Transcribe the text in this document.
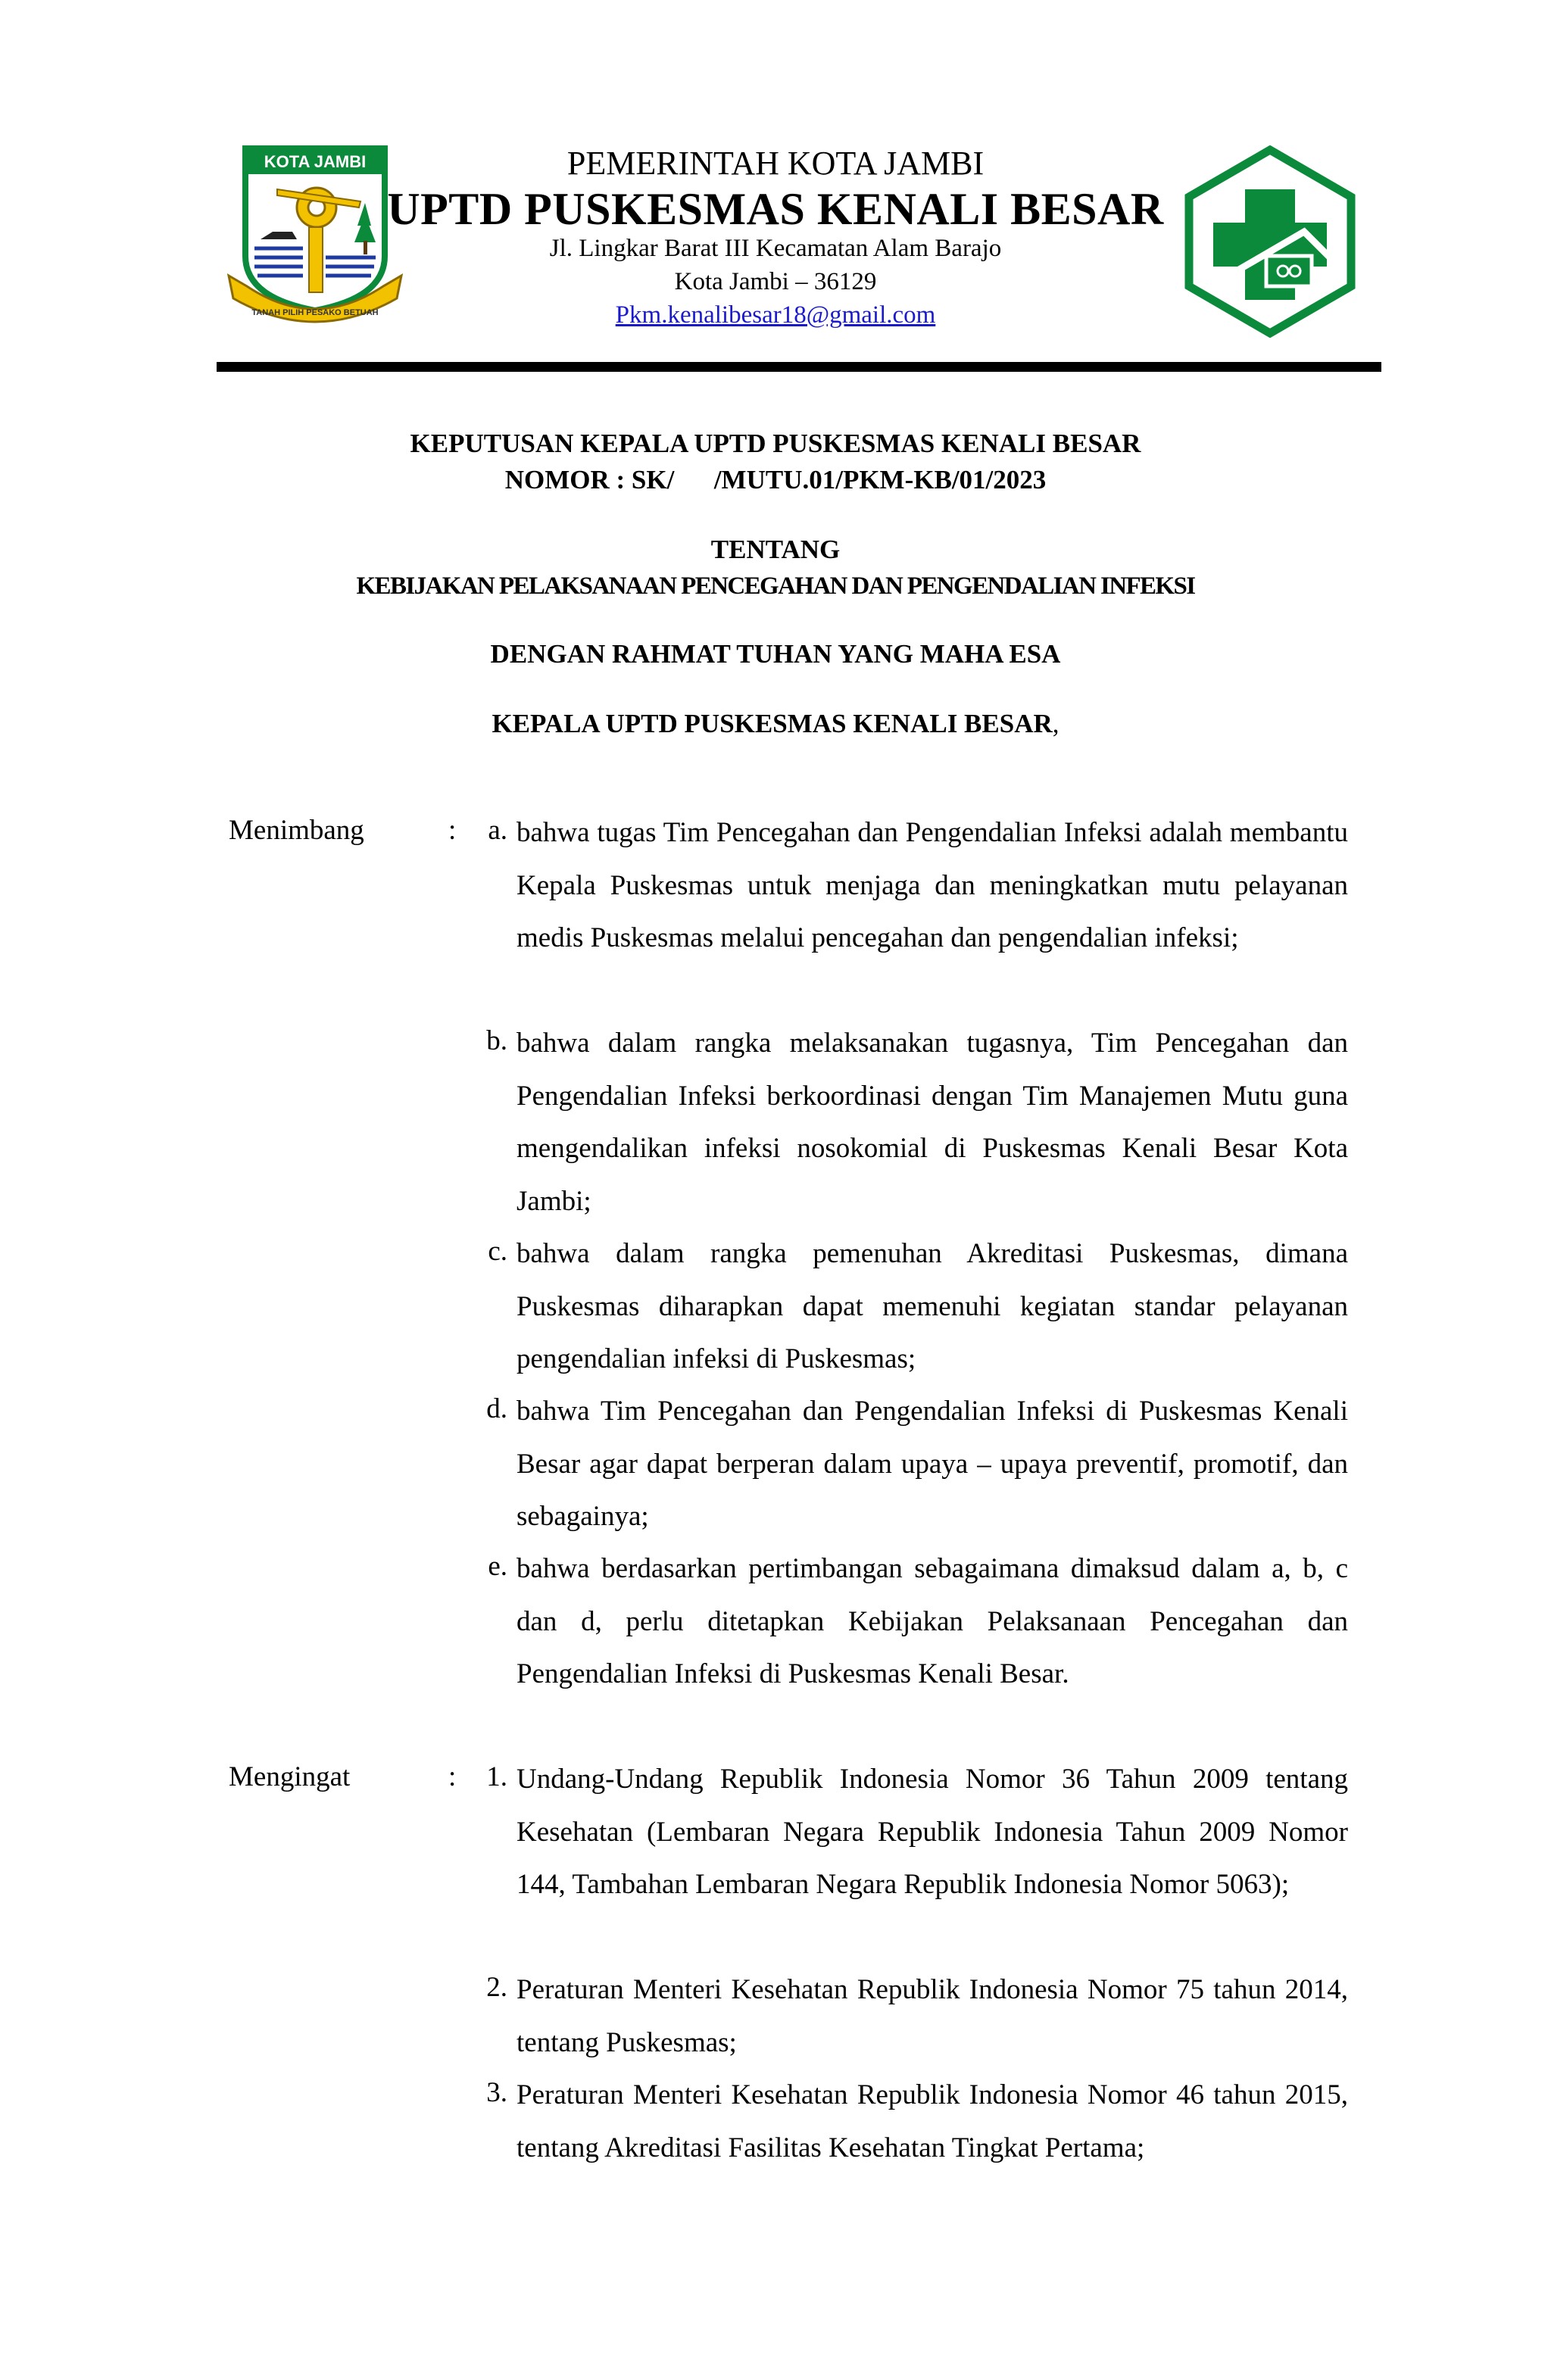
KOTA JAMBI
TANAH PILIH PESAKO BETUAH
PEMERINTAH KOTA JAMBI
UPTD PUSKESMAS KENALI BESAR
Jl. Lingkar Barat III Kecamatan Alam Barajo
Kota Jambi – 36129
Pkm.kenalibesar18@gmail.com
KEPUTUSAN KEPALA UPTD PUSKESMAS KENALI BESAR
NOMOR : SK/      /MUTU.01/PKM-KB/01/2023
TENTANG
KEBIJAKAN PELAKSANAAN PENCEGAHAN DAN PENGENDALIAN INFEKSI
DENGAN RAHMAT TUHAN YANG MAHA ESA
KEPALA UPTD PUSKESMAS KENALI BESAR,
Menimbang	:	a. bahwa tugas Tim Pencegahan dan Pengendalian Infeksi adalah membantu Kepala Puskesmas untuk menjaga dan meningkatkan mutu pelayanan medis Puskesmas melalui pencegahan dan pengendalian infeksi;
b. bahwa dalam rangka melaksanakan tugasnya, Tim Pencegahan dan Pengendalian Infeksi berkoordinasi dengan Tim Manajemen Mutu guna mengendalikan infeksi nosokomial di Puskesmas Kenali Besar Kota Jambi;
c. bahwa dalam rangka pemenuhan Akreditasi Puskesmas, dimana Puskesmas diharapkan dapat memenuhi kegiatan standar pelayanan pengendalian infeksi di Puskesmas;
d. bahwa Tim Pencegahan dan Pengendalian Infeksi di Puskesmas Kenali Besar agar dapat berperan dalam upaya – upaya preventif, promotif, dan sebagainya;
e. bahwa berdasarkan pertimbangan sebagaimana dimaksud dalam a, b, c dan d, perlu ditetapkan Kebijakan Pelaksanaan Pencegahan dan Pengendalian Infeksi di Puskesmas Kenali Besar.
Mengingat	:	1. Undang-Undang Republik Indonesia Nomor 36 Tahun 2009 tentang Kesehatan (Lembaran Negara Republik Indonesia Tahun 2009 Nomor 144, Tambahan Lembaran Negara Republik Indonesia Nomor 5063);
2. Peraturan Menteri Kesehatan Republik Indonesia Nomor 75 tahun 2014, tentang Puskesmas;
3. Peraturan Menteri Kesehatan Republik Indonesia Nomor 46 tahun 2015, tentang Akreditasi Fasilitas Kesehatan Tingkat Pertama;
